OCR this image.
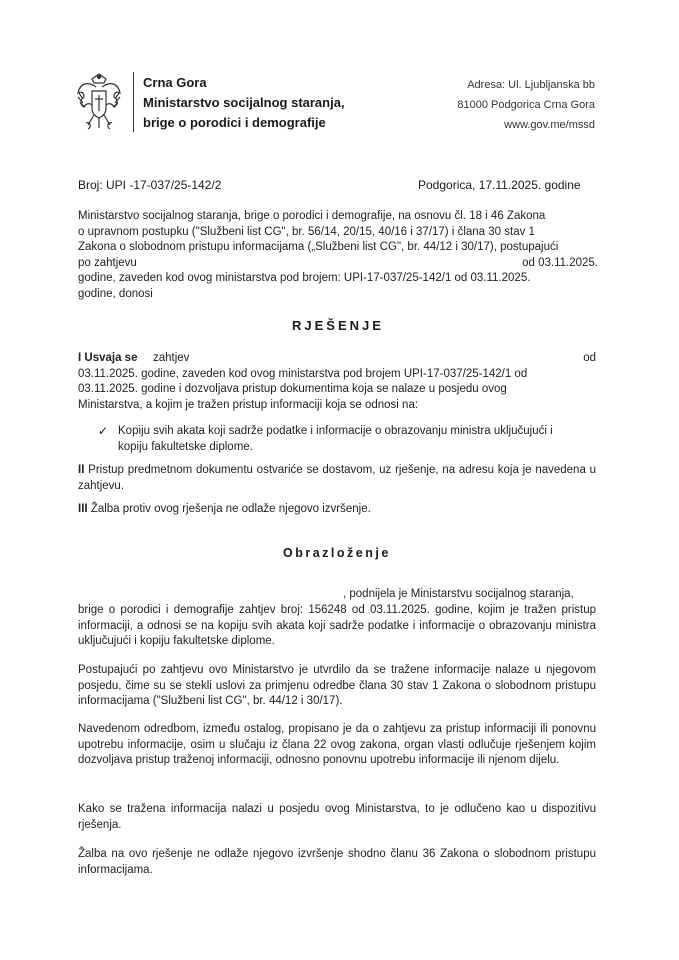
Crna Gora
Ministarstvo socijalnog staranja,
brige o porodici i demografije
Adresa: Ul. Ljubljanska bb
81000 Podgorica Crna Gora
www.gov.me/mssd
Broj: UPI -17-037/25-142/2	Podgorica, 17.11.2025. godine
Ministarstvo socijalnog staranja, brige o porodici i demografije, na osnovu čl. 18 i 46 Zakona
o upravnom postupku ("Službeni list CG", br. 56/14, 20/15, 40/16 i 37/17) i člana 30 stav 1
Zakona o slobodnom pristupu informacijama („Službeni list CG", br. 44/12 i 30/17), postupajući
po zahtjevu	od 03.11.2025.
godine, zaveden kod ovog ministarstva pod brojem: UPI-17-037/25-142/1 od 03.11.2025.
godine, donosi
RJEŠENJE
I Usvaja se zahtjev	od
03.11.2025. godine, zaveden kod ovog ministarstva pod brojem UPI-17-037/25-142/1 od
03.11.2025. godine i dozvoljava pristup dokumentima koja se nalaze u posjedu ovog
Ministarstva, a kojim je tražen pristup informaciji koja se odnosi na:
✓ Kopiju svih akata koji sadrže podatke i informacije o obrazovanju ministra uključujući i
kopiju fakultetske diplome.
II Pristup predmetnom dokumentu ostvariće se dostavom, uz rješenje, na adresu koja je navedena u zahtjevu.
III Žalba protiv ovog rješenja ne odlaže njegovo izvršenje.
Obrazloženje
, podnijela je Ministarstvu socijalnog staranja,
brige o porodici i demografije zahtjev broj: 156248 od 03.11.2025. godine, kojim je tražen pristup informaciji, a odnosi se na kopiju svih akata koji sadrže podatke i informacije o obrazovanju ministra uključujući i kopiju fakultetske diplome.
Postupajući po zahtjevu ovo Ministarstvo je utvrdilo da se tražene informacije nalaze u njegovom posjedu, čime su se stekli uslovi za primjenu odredbe člana 30 stav 1 Zakona o slobodnom pristupu informacijama ("Službeni list CG", br. 44/12 i 30/17).
Navedenom odredbom, između ostalog, propisano je da o zahtjevu za pristup informaciji ili ponovnu upotrebu informacije, osim u slučaju iz člana 22 ovog zakona, organ vlasti odlučuje rješenjem kojim dozvoljava pristup traženoj informaciji, odnosno ponovnu upotrebu informacije ili njenom dijelu.
Kako se tražena informacija nalazi u posjedu ovog Ministarstva, to je odlučeno kao u dispozitivu rješenja.
Žalba na ovo rješenje ne odlaže njegovo izvršenje shodno članu 36 Zakona o slobodnom pristupu informacijama.
